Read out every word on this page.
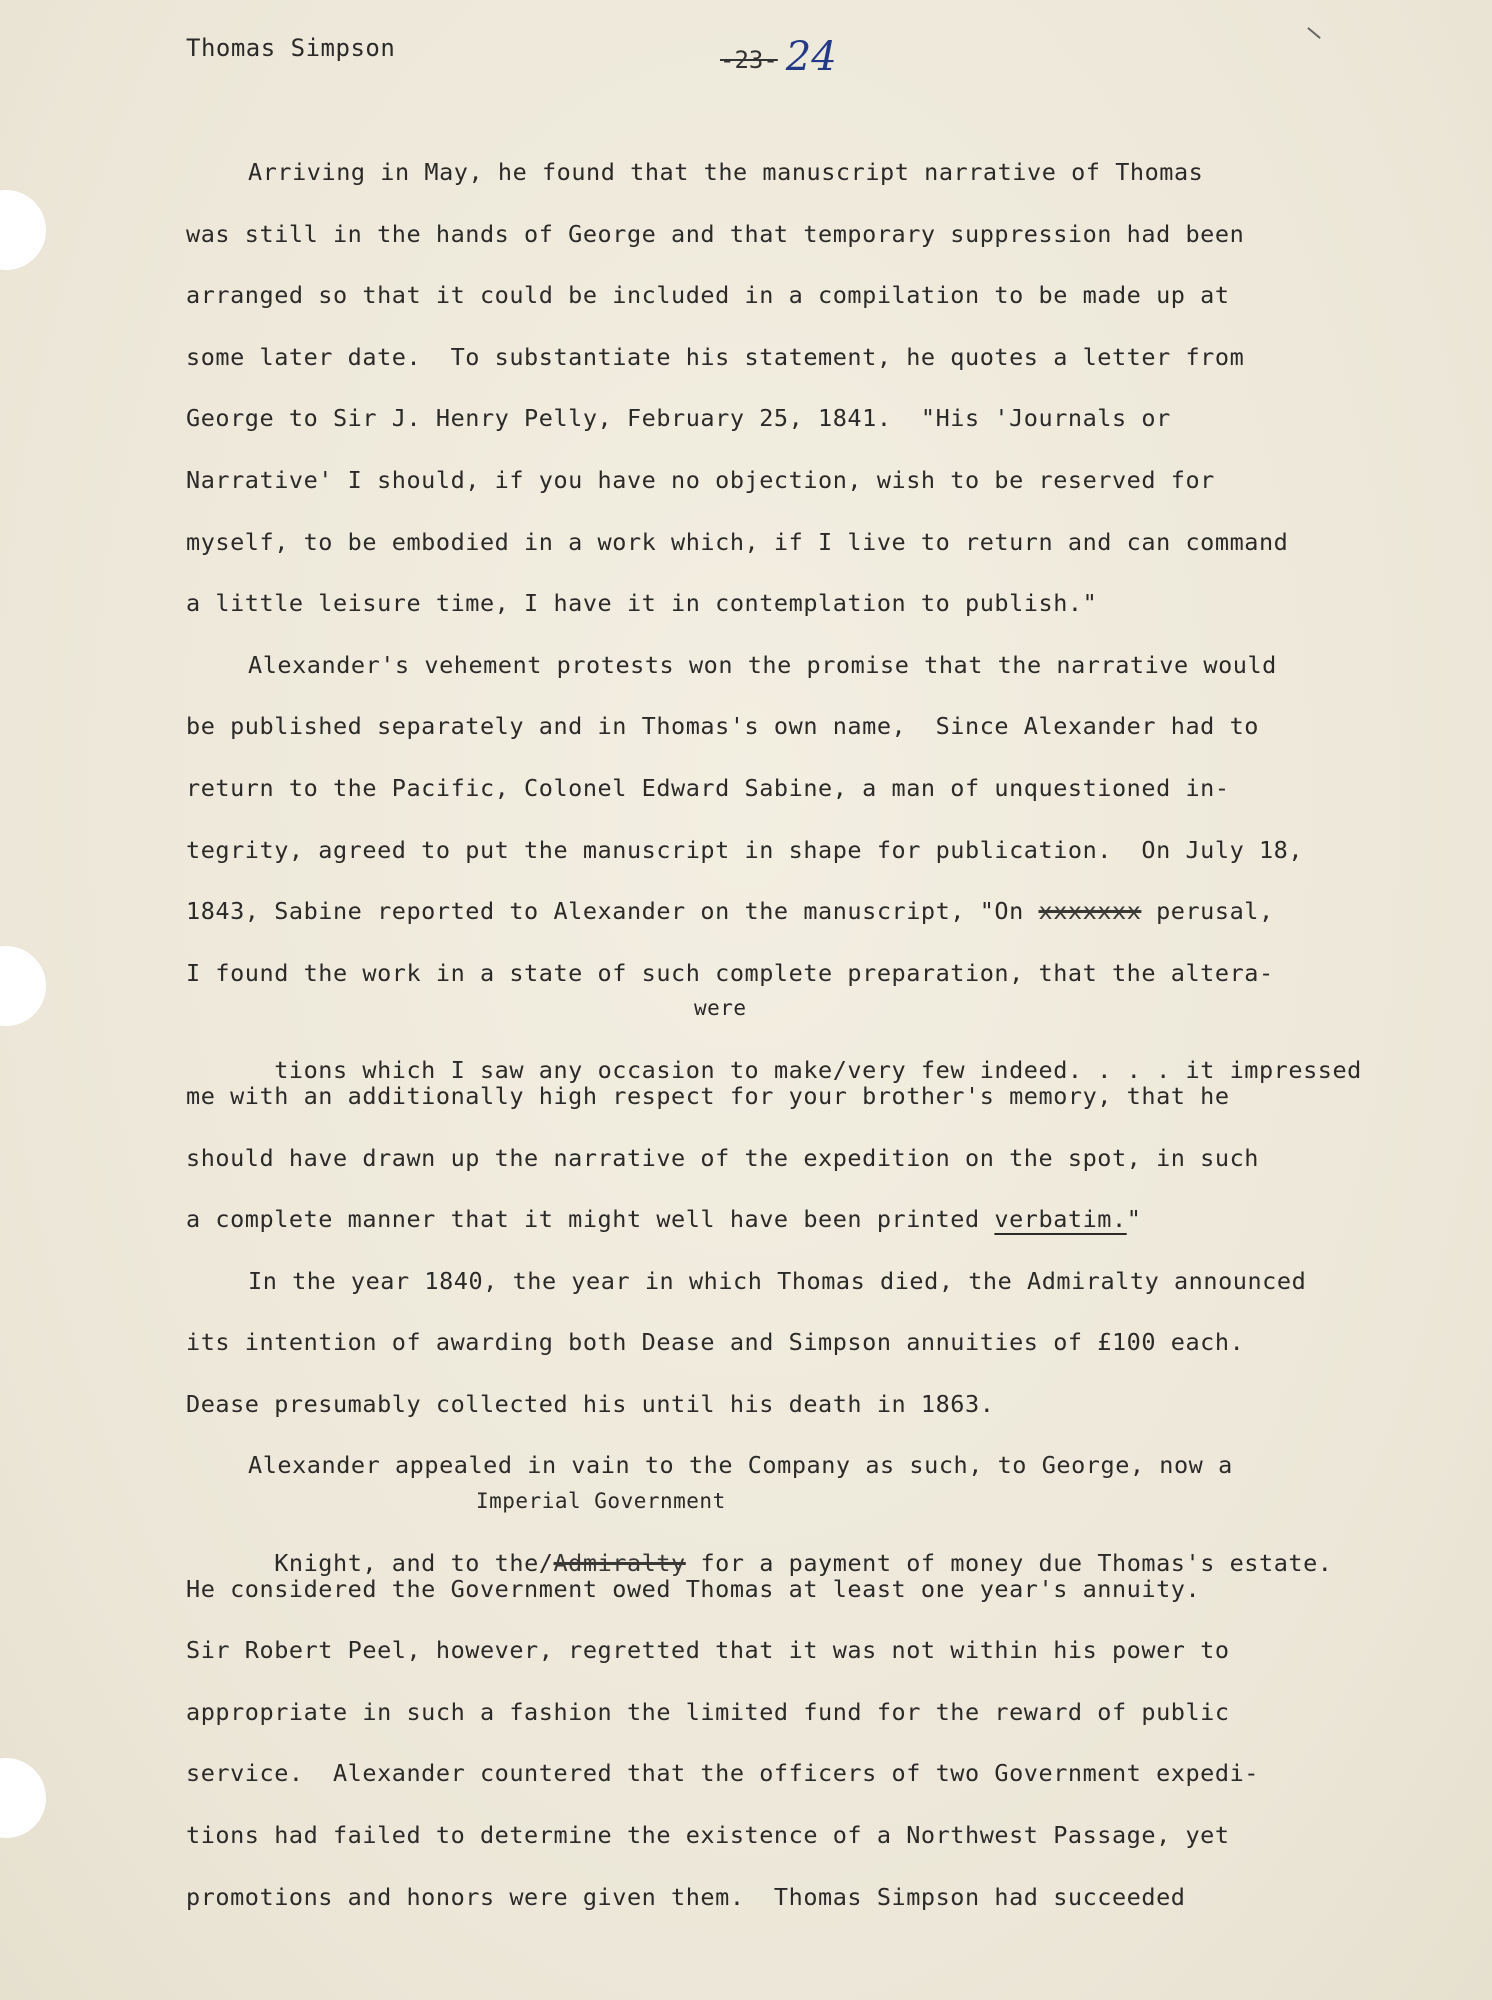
Thomas Simpson	-23- 24
Arriving in May, he found that the manuscript narrative of Thomas
was still in the hands of George and that temporary suppression had been
arranged so that it could be included in a compilation to be made up at
some later date.  To substantiate his statement, he quotes a letter from
George to Sir J. Henry Pelly, February 25, 1841.  "His 'Journals or
Narrative' I should, if you have no objection, wish to be reserved for
myself, to be embodied in a work which, if I live to return and can command
a little leisure time, I have it in contemplation to publish."
Alexander's vehement protests won the promise that the narrative would
be published separately and in Thomas's own name,  Since Alexander had to
return to the Pacific, Colonel Edward Sabine, a man of unquestioned in-
tegrity, agreed to put the manuscript in shape for publication.  On July 18,
1843, Sabine reported to Alexander on the manuscript, "On xxxxxxx perusal,
I found the work in a state of such complete preparation, that the altera-

tions which I saw any occasion to make/very few indeed. . . . it impressed

were

me with an additionally high respect for your brother's memory, that he
should have drawn up the narrative of the expedition on the spot, in such
a complete manner that it might well have been printed verbatim."
In the year 1840, the year in which Thomas died, the Admiralty announced
its intention of awarding both Dease and Simpson annuities of £100 each.
Dease presumably collected his until his death in 1863.
Alexander appealed in vain to the Company as such, to George, now a

Knight, and to the/Admiralty for a payment of money due Thomas's estate.

Imperial Government

He considered the Government owed Thomas at least one year's annuity.
Sir Robert Peel, however, regretted that it was not within his power to
appropriate in such a fashion the limited fund for the reward of public
service.  Alexander countered that the officers of two Government expedi-
tions had failed to determine the existence of a Northwest Passage, yet
promotions and honors were given them.  Thomas Simpson had succeeded
